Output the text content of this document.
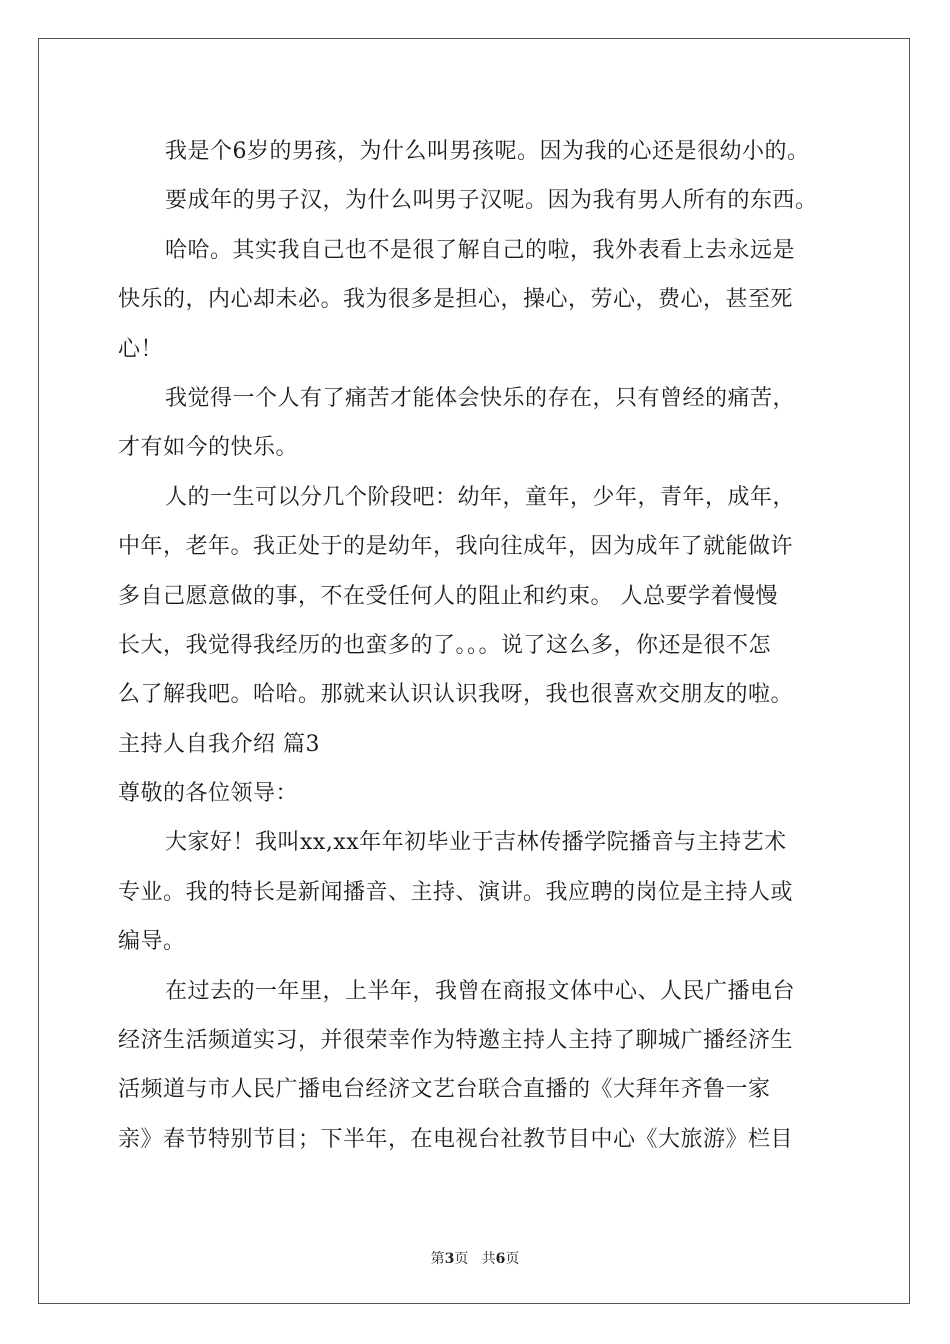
我是个6岁的男孩，为什么叫男孩呢。因为我的心还是很幼小的。
要成年的男子汉，为什么叫男子汉呢。因为我有男人所有的东西。
哈哈。其实我自己也不是很了解自己的啦，我外表看上去永远是
快乐的，内心却未必。我为很多是担心，操心，劳心，费心，甚至死
心！
我觉得一个人有了痛苦才能体会快乐的存在，只有曾经的痛苦，
才有如今的快乐。
人的一生可以分几个阶段吧：幼年，童年，少年，青年，成年，
中年，老年。我正处于的是幼年，我向往成年，因为成年了就能做许
多自己愿意做的事，不在受任何人的阻止和约束。 人总要学着慢慢
长大，我觉得我经历的也蛮多的了。。。说了这么多，你还是很不怎
么了解我吧。哈哈。那就来认识认识我呀，我也很喜欢交朋友的啦。
主持人自我介绍 篇3
尊敬的各位领导：
大家好！我叫xx,xx年年初毕业于吉林传播学院播音与主持艺术
专业。我的特长是新闻播音、主持、演讲。我应聘的岗位是主持人或
编导。
在过去的一年里，上半年，我曾在商报文体中心、人民广播电台
经济生活频道实习，并很荣幸作为特邀主持人主持了聊城广播经济生
活频道与市人民广播电台经济文艺台联合直播的《大拜年齐鲁一家
亲》春节特别节目；下半年，在电视台社教节目中心《大旅游》栏目
第3页   共6页
